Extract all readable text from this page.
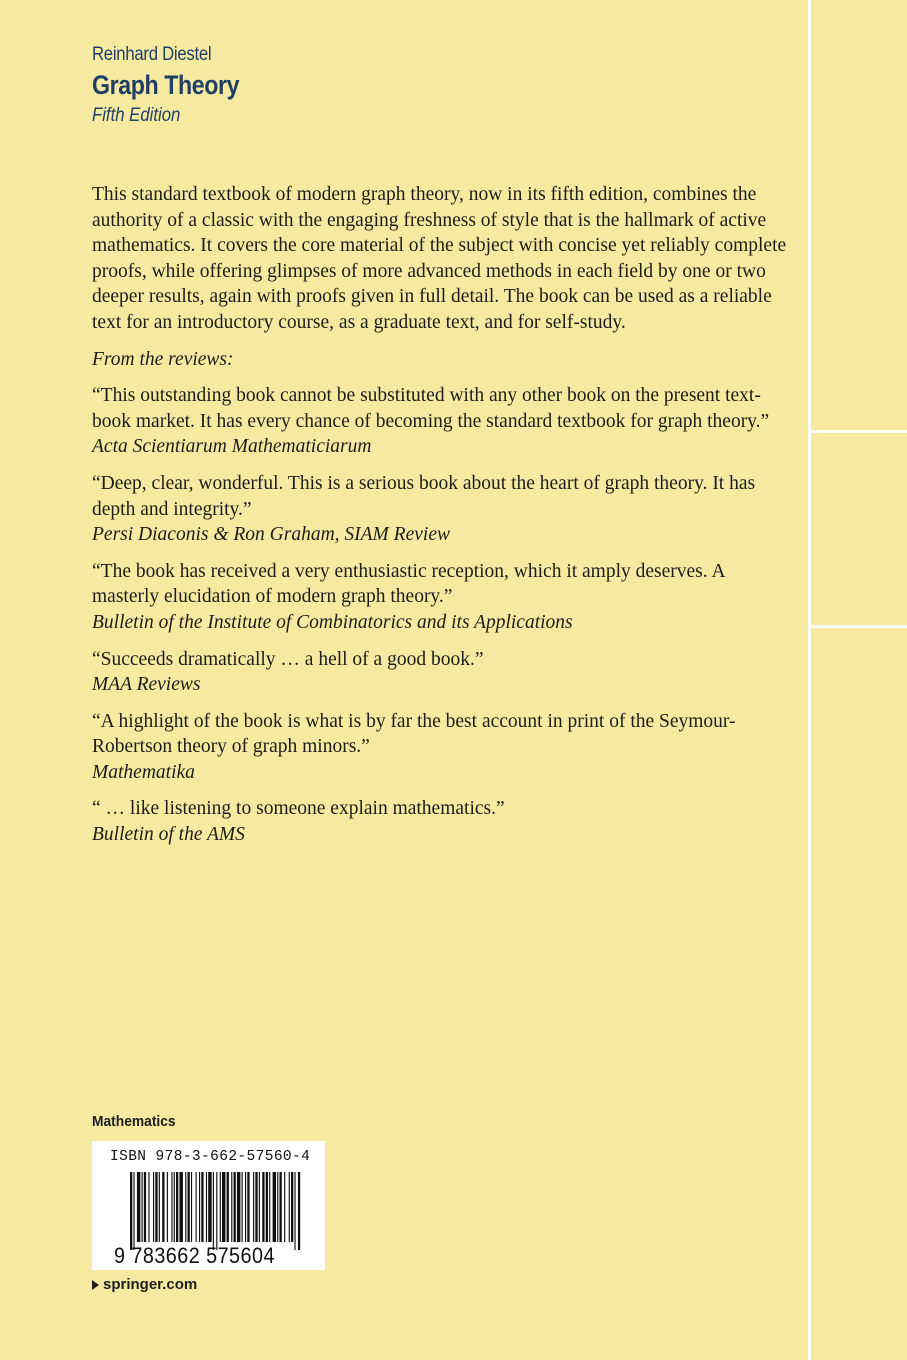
Reinhard Diestel
Graph Theory
Fifth Edition

This standard textbook of modern graph theory, now in its fifth edition, combines the authority of a classic with the engaging freshness of style that is the hallmark of active mathematics. It covers the core material of the subject with concise yet reliably complete proofs, while offering glimpses of more advanced methods in each field by one or two deeper results, again with proofs given in full detail. The book can be used as a reliable text for an introductory course, as a graduate text, and for self-study.

From the reviews:

“This outstanding book cannot be substituted with any other book on the present text-book market. It has every chance of becoming the standard textbook for graph theory.”
Acta Scientiarum Mathematiciarum
“Deep, clear, wonderful. This is a serious book about the heart of graph theory. It has depth and integrity.”
Persi Diaconis & Ron Graham, SIAM Review
“The book has received a very enthusiastic reception, which it amply deserves. A masterly elucidation of modern graph theory.”
Bulletin of the Institute of Combinatorics and its Applications
“Succeeds dramatically … a hell of a good book.”
MAA Reviews
“A highlight of the book is what is by far the best account in print of the Seymour-Robertson theory of graph minors.”
Mathematika
“ … like listening to someone explain mathematics.”
Bulletin of the AMS
Mathematics
ISBN 978-3-662-57560-4
9 783662 575604
springer.com
